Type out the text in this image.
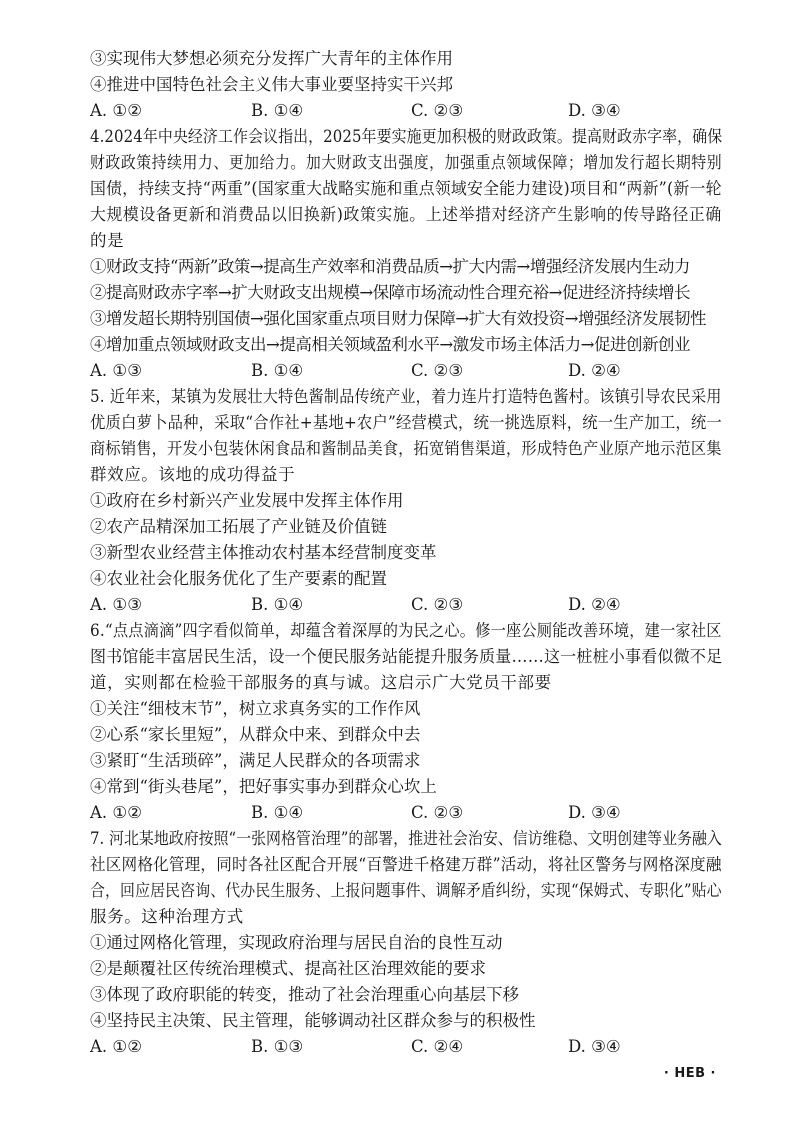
③实现伟大梦想必须充分发挥广大青年的主体作用
④推进中国特色社会主义伟大事业要坚持实干兴邦
A. ①②	B. ①④	C. ②③	D. ③④
4.2024年中央经济工作会议指出，2025年要实施更加积极的财政政策。提高财政赤字率，确保
财政政策持续用力、更加给力。加大财政支出强度，加强重点领域保障；增加发行超长期特别
国债，持续支持“两重”(国家重大战略实施和重点领域安全能力建设)项目和“两新”(新一轮
大规模设备更新和消费品以旧换新)政策实施。上述举措对经济产生影响的传导路径正确
的是
①财政支持“两新”政策→提高生产效率和消费品质→扩大内需→增强经济发展内生动力
②提高财政赤字率→扩大财政支出规模→保障市场流动性合理充裕→促进经济持续增长
③增发超长期特别国债→强化国家重点项目财力保障→扩大有效投资→增强经济发展韧性
④增加重点领域财政支出→提高相关领域盈利水平→激发市场主体活力→促进创新创业
A. ①③	B. ①④	C. ②③	D. ②④
5. 近年来，某镇为发展壮大特色酱制品传统产业，着力连片打造特色酱村。该镇引导农民采用
优质白萝卜品种，采取“合作社+基地+农户”经营模式，统一挑选原料，统一生产加工，统一
商标销售，开发小包装休闲食品和酱制品美食，拓宽销售渠道，形成特色产业原产地示范区集
群效应。该地的成功得益于
①政府在乡村新兴产业发展中发挥主体作用
②农产品精深加工拓展了产业链及价值链
③新型农业经营主体推动农村基本经营制度变革
④农业社会化服务优化了生产要素的配置
A. ①③	B. ①④	C. ②③	D. ②④
6.“点点滴滴”四字看似简单，却蕴含着深厚的为民之心。修一座公厕能改善环境，建一家社区
图书馆能丰富居民生活，设一个便民服务站能提升服务质量……这一桩桩小事看似微不足
道，实则都在检验干部服务的真与诚。这启示广大党员干部要
①关注“细枝末节”，树立求真务实的工作作风
②心系“家长里短”，从群众中来、到群众中去
③紧盯“生活琐碎”，满足人民群众的各项需求
④常到“街头巷尾”，把好事实事办到群众心坎上
A. ①②	B. ①④	C. ②③	D. ③④
7. 河北某地政府按照“一张网格管治理”的部署，推进社会治安、信访维稳、文明创建等业务融入
社区网格化管理，同时各社区配合开展“百警进千格建万群”活动，将社区警务与网格深度融
合，回应居民咨询、代办民生服务、上报问题事件、调解矛盾纠纷，实现“保姆式、专职化”贴心
服务。这种治理方式
①通过网格化管理，实现政府治理与居民自治的良性互动
②是颠覆社区传统治理模式、提高社区治理效能的要求
③体现了政府职能的转变，推动了社会治理重心向基层下移
④坚持民主决策、民主管理，能够调动社区群众参与的积极性
A. ①②	B. ①③	C. ②④	D. ③④
· HEB ·
